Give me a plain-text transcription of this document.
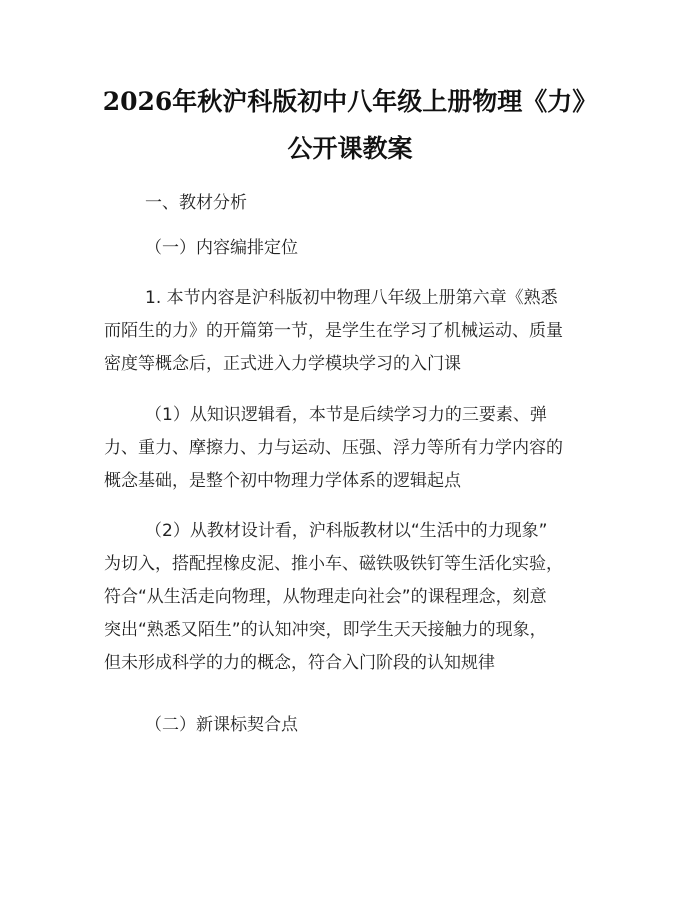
2026年秋沪科版初中八年级上册物理《力》
公开课教案
一、教材分析
（一）内容编排定位
1. 本节内容是沪科版初中物理八年级上册第六章《熟悉
而陌生的力》的开篇第一节，是学生在学习了机械运动、质量
密度等概念后，正式进入力学模块学习的入门课
（1）从知识逻辑看，本节是后续学习力的三要素、弹
力、重力、摩擦力、力与运动、压强、浮力等所有力学内容的
概念基础，是整个初中物理力学体系的逻辑起点
（2）从教材设计看，沪科版教材以“生活中的力现象”
为切入，搭配捏橡皮泥、推小车、磁铁吸铁钉等生活化实验，
符合“从生活走向物理，从物理走向社会”的课程理念，刻意
突出“熟悉又陌生”的认知冲突，即学生天天接触力的现象，
但未形成科学的力的概念，符合入门阶段的认知规律
（二）新课标契合点
